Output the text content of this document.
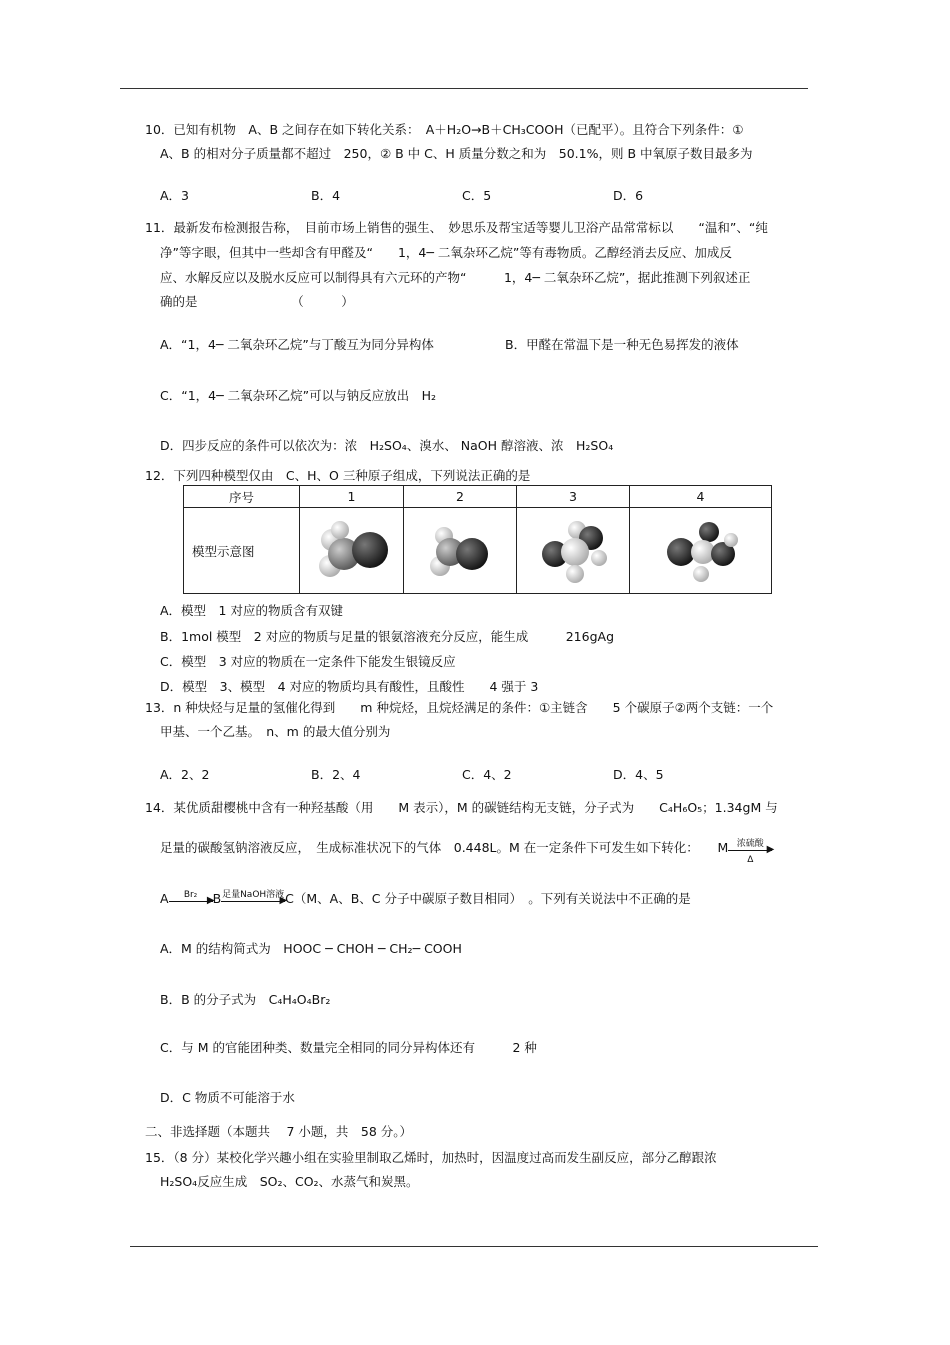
10．已知有机物　A、B 之间存在如下转化关系：　A＋H₂O→B＋CH₃COOH（已配平）。且符合下列条件：①
A、B 的相对分子质量都不超过　250，② B 中 C、H 质量分数之和为　50.1%，则 B 中氧原子数目最多为
A．3	B．4	C．5	D．6
11．最新发布检测报告称，　目前市场上销售的强生、　妙思乐及帮宝适等婴儿卫浴产品常常标以　　“温和”、“纯
净”等字眼，但其中一些却含有甲醛及“　　1，4─ 二氧杂环乙烷”等有毒物质。乙醇经消去反应、加成反
应、水解反应以及脱水反应可以制得具有六元环的产物“　　　1，4─ 二氧杂环乙烷”，据此推测下列叙述正
确的是　　　　　　　　（　　　）
A．“1，4─ 二氧杂环乙烷”与丁酸互为同分异构体	B．甲醛在常温下是一种无色易挥发的液体
C．“1，4─ 二氧杂环乙烷”可以与钠反应放出　H₂
D．四步反应的条件可以依次为：浓　H₂SO₄、溴水、 NaOH 醇溶液、浓　H₂SO₄
12．下列四种模型仅由　C、H、O 三种原子组成，下列说法正确的是
序号	1	2	3	4
模型示意图	

A．模型　1 对应的物质含有双键
B．1mol 模型　2 对应的物质与足量的银氨溶液充分反应，能生成　　　216gAg
C．模型　3 对应的物质在一定条件下能发生银镜反应
D．模型　3、模型　4 对应的物质均具有酸性，且酸性　　4 强于 3
13．n 种炔烃与足量的氢催化得到　　m 种烷烃，且烷烃满足的条件：①主链含　　5 个碳原子②两个支链：一个
甲基、一个乙基。　n、m 的最大值分别为
A．2、2	B．2、4	C．4、2	D．4、5
14．某优质甜樱桃中含有一种羟基酸（用　　M 表示），M 的碳链结构无支链，分子式为　　C₄H₆O₅；1.34gM 与
足量的碳酸氢钠溶液反应，　生成标准状况下的气体　0.448L。M 在一定条件下可发生如下转化：　　M 浓硫酸 ▶
Δ
A	Br₂ ▶
B 足量NaOH溶液
▶
C（M、A、B、C 分子中碳原子数目相同）　。下列有关说法中不正确的是
A．M 的结构简式为　HOOC ─ CHOH ─ CH₂─ COOH
B．B 的分子式为　C₄H₄O₄Br₂
C．与 M 的官能团种类、数量完全相同的同分异构体还有　　　2 种
D．C 物质不可能溶于水
二、非选择题（本题共　 7 小题，共　58 分。）
15．（8 分）某校化学兴趣小组在实验里制取乙烯时，加热时，因温度过高而发生副反应，部分乙醇跟浓
H₂SO₄反应生成　SO₂、CO₂、水蒸气和炭黑。
